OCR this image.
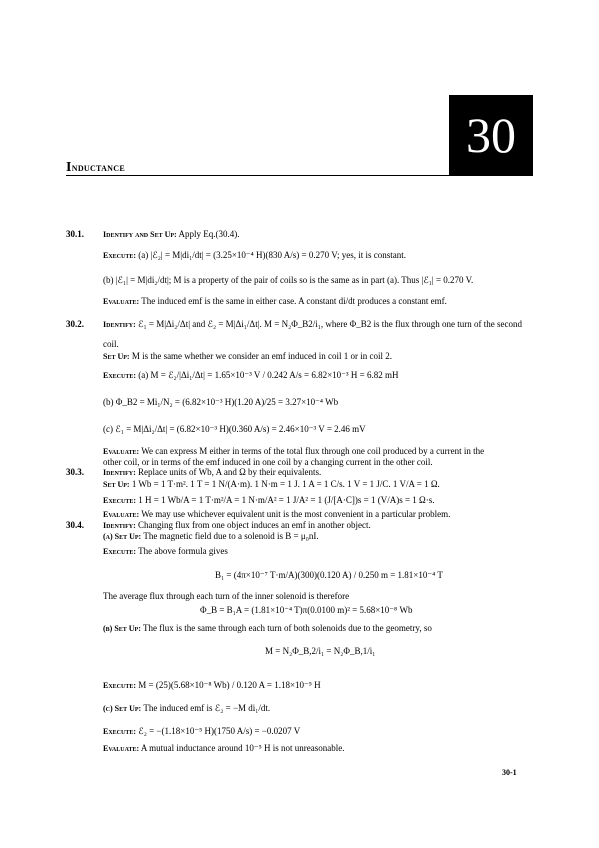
30
Inductance
30.1. Identify and Set Up: Apply Eq.(30.4).
Execute: (a) |ℰ₂| = M|di₁/dt| = (3.25×10⁻⁴ H)(830 A/s) = 0.270 V; yes, it is constant.
(b) |ℰ₁| = M|di₂/dt|; M is a property of the pair of coils so is the same as in part (a). Thus |ℰ₁| = 0.270 V.
Evaluate: The induced emf is the same in either case. A constant di/dt produces a constant emf.
30.2. Identify: ℰ₁ = M|Δi₂/Δt| and ℰ₂ = M|Δi₁/Δt|. M = N₂Φ_B2/i₁, where Φ_B2 is the flux through one turn of the second
coil.
Set Up: M is the same whether we consider an emf induced in coil 1 or in coil 2.
Execute: (a) M = ℰ₂/|Δi₁/Δt| = 1.65×10⁻³ V / 0.242 A/s = 6.82×10⁻³ H = 6.82 mH
(b) Φ_B2 = Mi₁/N₂ = (6.82×10⁻³ H)(1.20 A)/25 = 3.27×10⁻⁴ Wb
(c) ℰ₁ = M|Δi₂/Δt| = (6.82×10⁻³ H)(0.360 A/s) = 2.46×10⁻³ V = 2.46 mV
Evaluate: We can express M either in terms of the total flux through one coil produced by a current in the
other coil, or in terms of the emf induced in one coil by a changing current in the other coil.
30.3. Identify: Replace units of Wb, A and Ω by their equivalents.
Set Up: 1 Wb = 1 T·m². 1 T = 1 N/(A·m). 1 N·m = 1 J. 1 A = 1 C/s. 1 V = 1 J/C. 1 V/A = 1 Ω.
Execute: 1 H = 1 Wb/A = 1 T·m²/A = 1 N·m/A² = 1 J/A² = 1 (J/[A·C])s = 1 (V/A)s = 1 Ω·s.
Evaluate: We may use whichever equivalent unit is the most convenient in a particular problem.
30.4. Identify: Changing flux from one object induces an emf in another object.
(a) Set Up: The magnetic field due to a solenoid is B = μ₀nI.
Execute: The above formula gives
B₁ = (4π×10⁻⁷ T·m/A)(300)(0.120 A) / 0.250 m = 1.81×10⁻⁴ T
The average flux through each turn of the inner solenoid is therefore
Φ_B = B₁A = (1.81×10⁻⁴ T)π(0.0100 m)² = 5.68×10⁻⁸ Wb
(b) Set Up: The flux is the same through each turn of both solenoids due to the geometry, so
M = N₂Φ_B,2/i₁ = N₂Φ_B,1/i₁
Execute: M = (25)(5.68×10⁻⁸ Wb) / 0.120 A = 1.18×10⁻⁵ H
(c) Set Up: The induced emf is ℰ₂ = −M di₁/dt.
Execute: ℰ₂ = −(1.18×10⁻⁵ H)(1750 A/s) = −0.0207 V
Evaluate: A mutual inductance around 10⁻⁵ H is not unreasonable.
30-1
